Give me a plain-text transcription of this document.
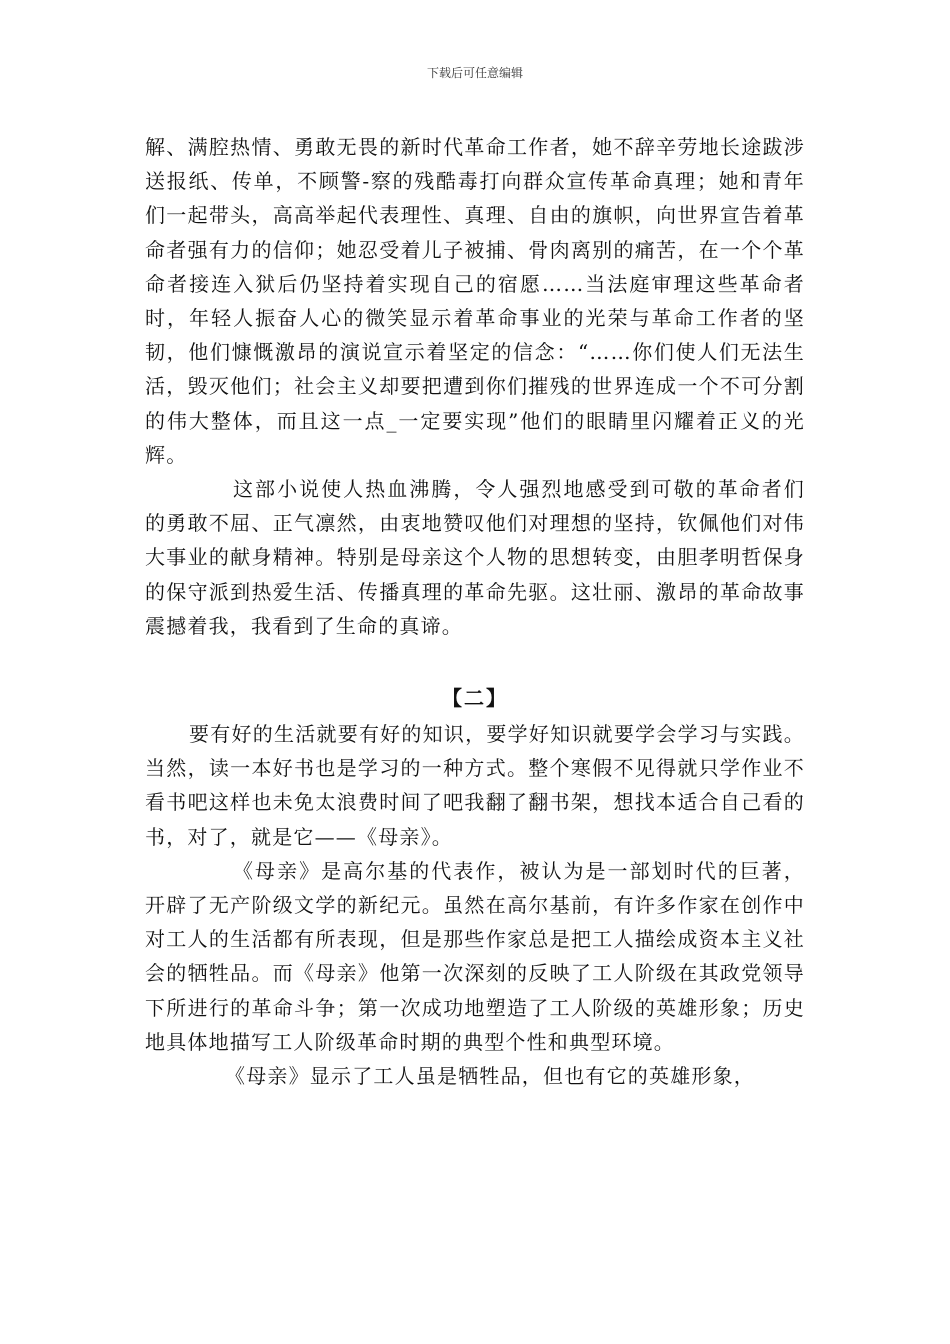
下载后可任意编辑

解、满腔热情、勇敢无畏的新时代革命工作者，她不辞辛劳地长途跋涉送报纸、传单，不顾警-察的残酷毒打向群众宣传革命真理；她和青年们一起带头，高高举起代表理性、真理、自由的旗帜，向世界宣告着革命者强有力的信仰；她忍受着儿子被捕、骨肉离别的痛苦，在一个个革命者接连入狱后仍坚持着实现自己的宿愿……当法庭审理这些革命者时，年轻人振奋人心的微笑显示着革命事业的光荣与革命工作者的坚韧，他们慷慨激昂的演说宣示着坚定的信念：“……你们使人们无法生活，毁灭他们；社会主义却要把遭到你们摧残的世界连成一个不可分割的伟大整体，而且这一点_一定要实现”他们的眼睛里闪耀着正义的光辉。

这部小说使人热血沸腾，令人强烈地感受到可敬的革命者们的勇敢不屈、正气凛然，由衷地赞叹他们对理想的坚持，钦佩他们对伟大事业的献身精神。特别是母亲这个人物的思想转变，由胆孝明哲保身的保守派到热爱生活、传播真理的革命先驱。这壮丽、激昂的革命故事震撼着我，我看到了生命的真谛。

【二】

要有好的生活就要有好的知识，要学好知识就要学会学习与实践。当然，读一本好书也是学习的一种方式。整个寒假不见得就只学作业不看书吧这样也未免太浪费时间了吧我翻了翻书架，想找本适合自己看的书，对了，就是它——《母亲》。

《母亲》是高尔基的代表作，被认为是一部划时代的巨著，开辟了无产阶级文学的新纪元。虽然在高尔基前，有许多作家在创作中对工人的生活都有所表现，但是那些作家总是把工人描绘成资本主义社会的牺牲品。而《母亲》他第一次深刻的反映了工人阶级在其政党领导下所进行的革命斗争；第一次成功地塑造了工人阶级的英雄形象；历史地具体地描写工人阶级革命时期的典型个性和典型环境。

《母亲》显示了工人虽是牺牲品，但也有它的英雄形象，
